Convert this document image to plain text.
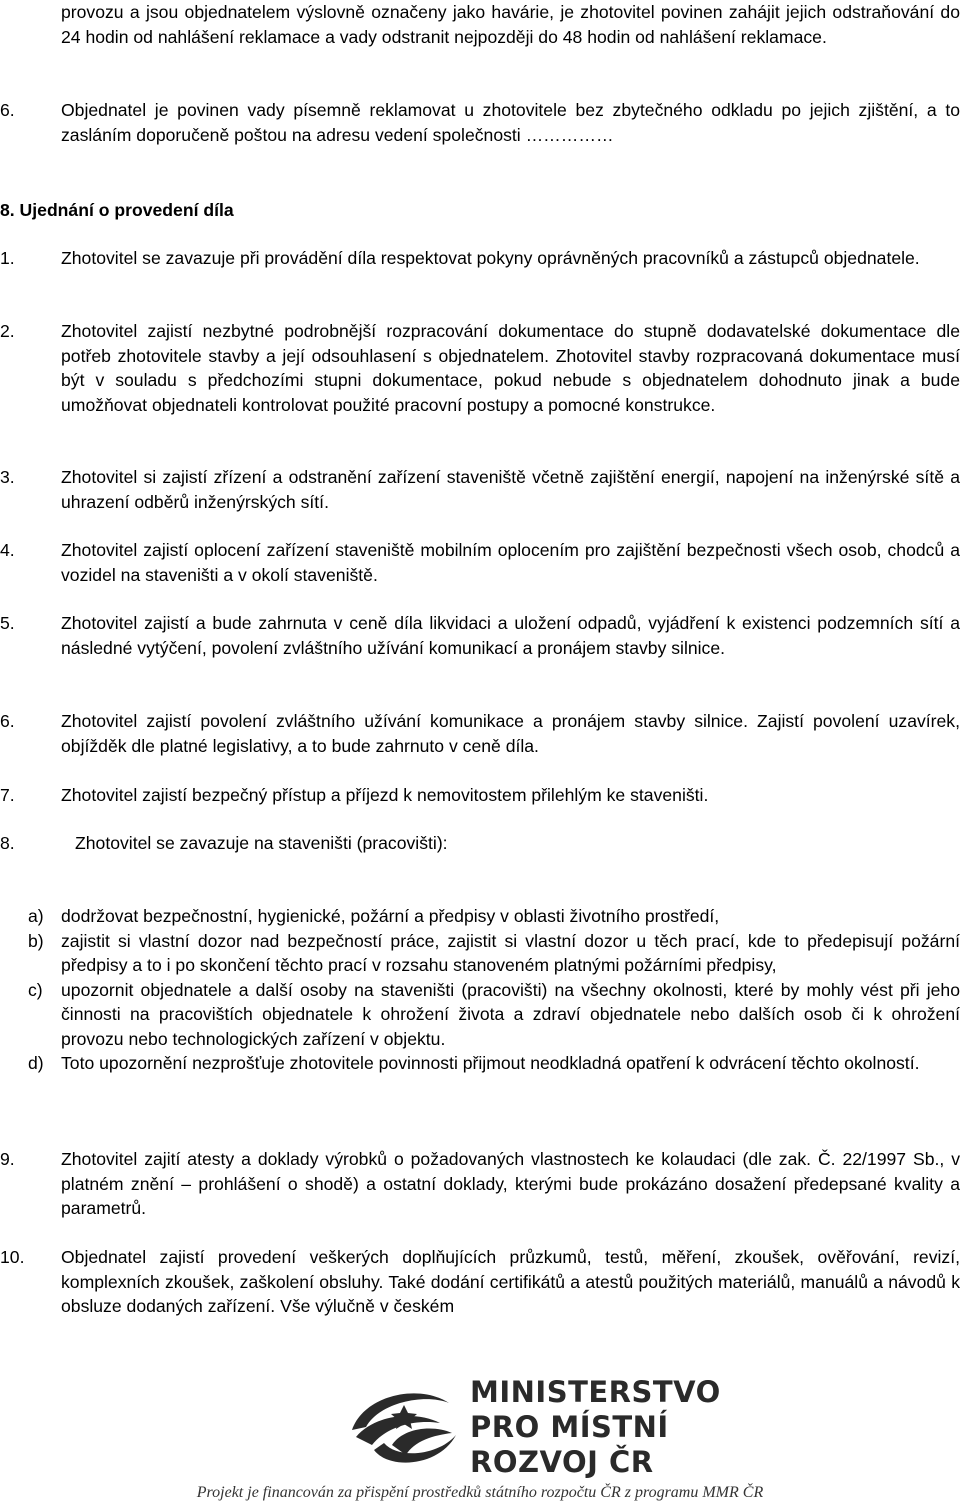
provozu a jsou objednatelem výslovně označeny jako havárie, je zhotovitel povinen zahájit jejich odstraňování do 24 hodin od nahlášení reklamace a vady odstranit nejpozději do 48 hodin od nahlášení reklamace.
6.	Objednatel je povinen vady písemně reklamovat u zhotovitele bez zbytečného odkladu po jejich zjištění, a to zasláním doporučeně poštou na adresu vedení společnosti ……………
8. Ujednání o provedení díla
1.	Zhotovitel se zavazuje při provádění díla respektovat pokyny oprávněných pracovníků a zástupců objednatele.
2.	Zhotovitel zajistí nezbytné podrobnější rozpracování dokumentace do stupně dodavatelské dokumentace dle potřeb zhotovitele stavby a její odsouhlasení s objednatelem. Zhotovitel stavby rozpracovaná dokumentace musí být v souladu s předchozími stupni dokumentace, pokud nebude s objednatelem dohodnuto jinak a bude umožňovat objednateli kontrolovat použité pracovní postupy a pomocné konstrukce.
3.	Zhotovitel si zajistí zřízení a odstranění zařízení staveniště včetně zajištění energií, napojení na inženýrské sítě a uhrazení odběrů inženýrských sítí.
4.	Zhotovitel zajistí oplocení zařízení staveniště mobilním oplocením pro zajištění bezpečnosti všech osob, chodců a vozidel na staveništi a v okolí staveniště.
5.	Zhotovitel zajistí a bude zahrnuta v ceně díla likvidaci a uložení odpadů, vyjádření k existenci podzemních sítí a následné vytýčení, povolení zvláštního užívání komunikací a pronájem stavby silnice.
6.	Zhotovitel zajistí povolení zvláštního užívání komunikace a pronájem stavby silnice. Zajistí povolení uzavírek, objížděk dle platné legislativy, a to bude zahrnuto v ceně díla.
7.	Zhotovitel zajistí bezpečný přístup a příjezd k nemovitostem přilehlým ke staveništi.
8.	Zhotovitel se zavazuje na staveništi (pracovišti):
a) dodržovat bezpečnostní, hygienické, požární a předpisy v oblasti životního prostředí,
b) zajistit si vlastní dozor nad bezpečností práce, zajistit si vlastní dozor u těch prací, kde to předepisují požární předpisy a to i po skončení těchto prací v rozsahu stanoveném platnými požárními předpisy,
c) upozornit objednatele a další osoby na staveništi (pracovišti) na všechny okolnosti, které by mohly vést při jeho činnosti na pracovištích objednatele k ohrožení života a zdraví objednatele nebo dalších osob či k ohrožení provozu nebo technologických zařízení v objektu.
d) Toto upozornění nezprošťuje zhotovitele povinnosti přijmout neodkladná opatření k odvrácení těchto okolností.
9.	Zhotovitel zajití atesty a doklady výrobků o požadovaných vlastnostech ke kolaudaci (dle zak. Č. 22/1997 Sb., v platném znění – prohlášení o shodě) a ostatní doklady, kterými bude prokázáno dosažení předepsané kvality a parametrů.
10.	Objednatel zajistí provedení veškerých doplňujících průzkumů, testů, měření, zkoušek, ověřování, revizí, komplexních zkoušek, zaškolení obsluhy. Také dodání certifikátů a atestů použitých materiálů, manuálů a návodů k obsluze dodaných zařízení. Vše výlučně v českém
MINISTERSTVO
PRO MÍSTNÍ
ROZVOJ ČR
Projekt je financován za přispění prostředků státního rozpočtu ČR z programu MMR ČR
